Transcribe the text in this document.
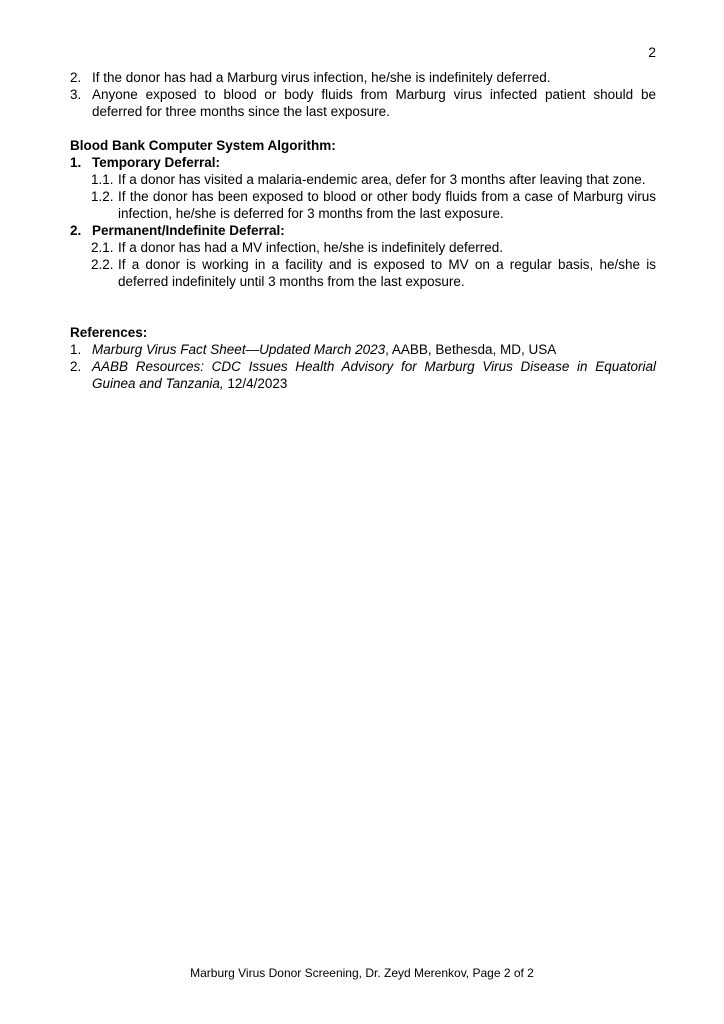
2
2. If the donor has had a Marburg virus infection, he/she is indefinitely deferred.
3. Anyone exposed to blood or body fluids from Marburg virus infected patient should be deferred for three months since the last exposure.
Blood Bank Computer System Algorithm:
1. Temporary Deferral:
1.1. If a donor has visited a malaria-endemic area, defer for 3 months after leaving that zone.
1.2. If the donor has been exposed to blood or other body fluids from a case of Marburg virus infection, he/she is deferred for 3 months from the last exposure.
2. Permanent/Indefinite Deferral:
2.1. If a donor has had a MV infection, he/she is indefinitely deferred.
2.2. If a donor is working in a facility and is exposed to MV on a regular basis, he/she is deferred indefinitely until 3 months from the last exposure.
References:
1. Marburg Virus Fact Sheet—Updated March 2023, AABB, Bethesda, MD, USA
2. AABB Resources: CDC Issues Health Advisory for Marburg Virus Disease in Equatorial Guinea and Tanzania, 12/4/2023
Marburg Virus Donor Screening, Dr. Zeyd Merenkov, Page 2 of 2
